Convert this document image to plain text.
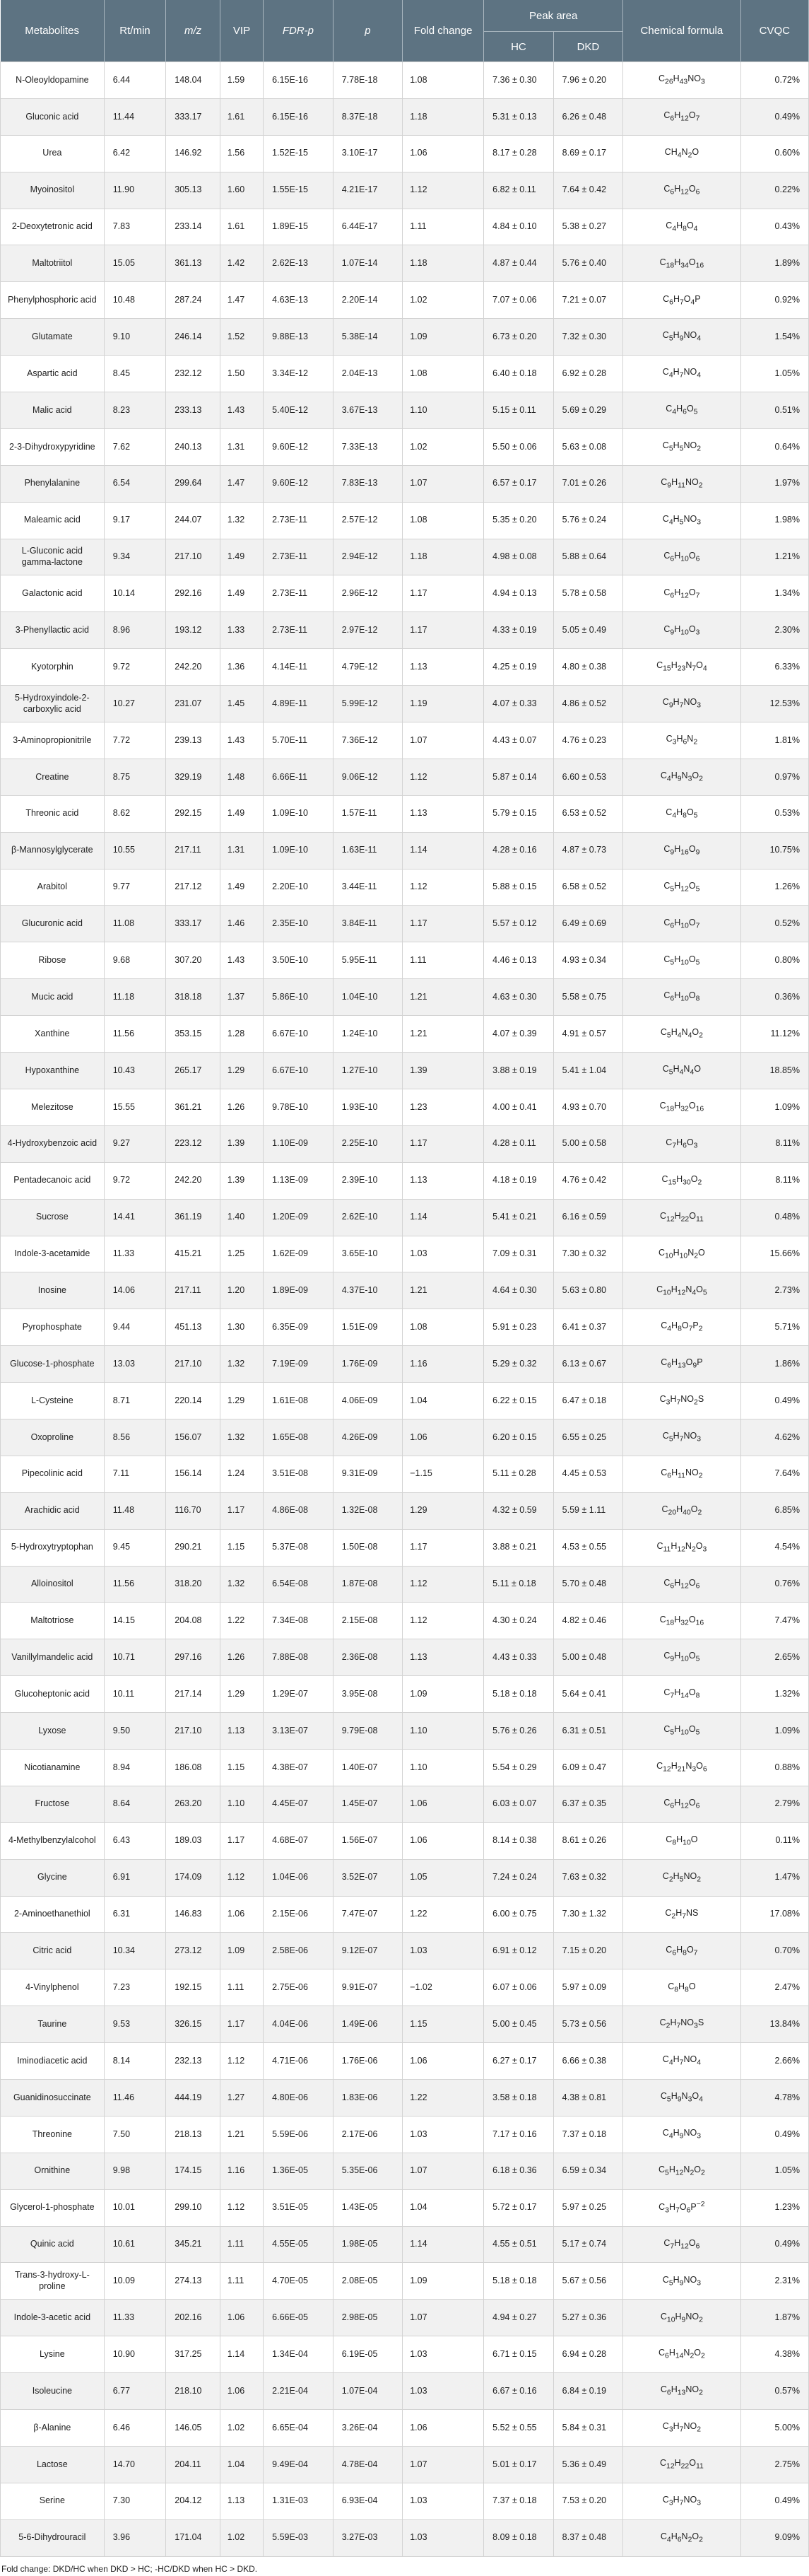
Metabolites	Rt/min	m/z	VIP	FDR-p	p	Fold change	Peak area		Chemical formula	CVQC
							HC	DKD		
N-Oleoyldopamine	6.44	148.04	1.59	6.15E-16	7.78E-18	1.08	7.36 ± 0.30	7.96 ± 0.20	$C_{26}H_{43}NO_3$	0.72%
Gluconic acid	11.44	333.17	1.61	6.15E-16	8.37E-18	1.18	5.31 ± 0.13	6.26 ± 0.48	$C_6H_{12}O_7$	0.49%
Urea	6.42	146.92	1.56	1.52E-15	3.10E-17	1.06	8.17 ± 0.28	8.69 ± 0.17	$CH_4N_2O$	0.60%
Myoinositol	11.90	305.13	1.60	1.55E-15	4.21E-17	1.12	6.82 ± 0.11	7.64 ± 0.42	$C_6H_{12}O_6$	0.22%
2-Deoxytetronic acid	7.83	233.14	1.61	1.89E-15	6.44E-17	1.11	4.84 ± 0.10	5.38 ± 0.27	$C_4H_8O_4$	0.43%
Maltotriitol	15.05	361.13	1.42	2.62E-13	1.07E-14	1.18	4.87 ± 0.44	5.76 ± 0.40	$C_{18}H_{34}O_{16}$	1.89%
Phenylphosphoric acid	10.48	287.24	1.47	4.63E-13	2.20E-14	1.02	7.07 ± 0.06	7.21 ± 0.07	$C_6H_7O_4P$	0.92%
Glutamate	9.10	246.14	1.52	9.88E-13	5.38E-14	1.09	6.73 ± 0.20	7.32 ± 0.30	$C_5H_9NO_4$	1.54%
Aspartic acid	8.45	232.12	1.50	3.34E-12	2.04E-13	1.08	6.40 ± 0.18	6.92 ± 0.28	$C_4H_7NO_4$	1.05%
Malic acid	8.23	233.13	1.43	5.40E-12	3.67E-13	1.10	5.15 ± 0.11	5.69 ± 0.29	$C_4H_6O_5$	0.51%
2-3-Dihydroxypyridine	7.62	240.13	1.31	9.60E-12	7.33E-13	1.02	5.50 ± 0.06	5.63 ± 0.08	$C_5H_5NO_2$	0.64%
Phenylalanine	6.54	299.64	1.47	9.60E-12	7.83E-13	1.07	6.57 ± 0.17	7.01 ± 0.26	$C_9H_{11}NO_2$	1.97%
Maleamic acid	9.17	244.07	1.32	2.73E-11	2.57E-12	1.08	5.35 ± 0.20	5.76 ± 0.24	$C_4H_5NO_3$	1.98%
L-Gluconic acid gamma-lactone	9.34	217.10	1.49	2.73E-11	2.94E-12	1.18	4.98 ± 0.08	5.88 ± 0.64	$C_6H_{10}O_6$	1.21%
Galactonic acid	10.14	292.16	1.49	2.73E-11	2.96E-12	1.17	4.94 ± 0.13	5.78 ± 0.58	$C_6H_{12}O_7$	1.34%
3-Phenyllactic acid	8.96	193.12	1.33	2.73E-11	2.97E-12	1.17	4.33 ± 0.19	5.05 ± 0.49	$C_9H_{10}O_3$	2.30%
Kyotorphin	9.72	242.20	1.36	4.14E-11	4.79E-12	1.13	4.25 ± 0.19	4.80 ± 0.38	$C_{15}H_{23}N_7O_4$	6.33%
5-Hydroxyindole-2-carboxylic acid	10.27	231.07	1.45	4.89E-11	5.99E-12	1.19	4.07 ± 0.33	4.86 ± 0.52	$C_9H_7NO_3$	12.53%
3-Aminopropionitrile	7.72	239.13	1.43	5.70E-11	7.36E-12	1.07	4.43 ± 0.07	4.76 ± 0.23	$C_3H_6N_2$	1.81%
Creatine	8.75	329.19	1.48	6.66E-11	9.06E-12	1.12	5.87 ± 0.14	6.60 ± 0.53	$C_4H_9N_3O_2$	0.97%
Threonic acid	8.62	292.15	1.49	1.09E-10	1.57E-11	1.13	5.79 ± 0.15	6.53 ± 0.52	$C_4H_8O_5$	0.53%
β-Mannosylglycerate	10.55	217.11	1.31	1.09E-10	1.63E-11	1.14	4.28 ± 0.16	4.87 ± 0.73	$C_9H_{16}O_9$	10.75%
Arabitol	9.77	217.12	1.49	2.20E-10	3.44E-11	1.12	5.88 ± 0.15	6.58 ± 0.52	$C_5H_{12}O_5$	1.26%
Glucuronic acid	11.08	333.17	1.46	2.35E-10	3.84E-11	1.17	5.57 ± 0.12	6.49 ± 0.69	$C_6H_{10}O_7$	0.52%
Ribose	9.68	307.20	1.43	3.50E-10	5.95E-11	1.11	4.46 ± 0.13	4.93 ± 0.34	$C_5H_{10}O_5$	0.80%
Mucic acid	11.18	318.18	1.37	5.86E-10	1.04E-10	1.21	4.63 ± 0.30	5.58 ± 0.75	$C_6H_{10}O_8$	0.36%
Xanthine	11.56	353.15	1.28	6.67E-10	1.24E-10	1.21	4.07 ± 0.39	4.91 ± 0.57	$C_5H_4N_4O_2$	11.12%
Hypoxanthine	10.43	265.17	1.29	6.67E-10	1.27E-10	1.39	3.88 ± 0.19	5.41 ± 1.04	$C_5H_4N_4O$	18.85%
Melezitose	15.55	361.21	1.26	9.78E-10	1.93E-10	1.23	4.00 ± 0.41	4.93 ± 0.70	$C_{18}H_{32}O_{16}$	1.09%
4-Hydroxybenzoic acid	9.27	223.12	1.39	1.10E-09	2.25E-10	1.17	4.28 ± 0.11	5.00 ± 0.58	$C_7H_6O_3$	8.11%
Pentadecanoic acid	9.72	242.20	1.39	1.13E-09	2.39E-10	1.13	4.18 ± 0.19	4.76 ± 0.42	$C_{15}H_{30}O_2$	8.11%
Sucrose	14.41	361.19	1.40	1.20E-09	2.62E-10	1.14	5.41 ± 0.21	6.16 ± 0.59	$C_{12}H_{22}O_{11}$	0.48%
Indole-3-acetamide	11.33	415.21	1.25	1.62E-09	3.65E-10	1.03	7.09 ± 0.31	7.30 ± 0.32	$C_{10}H_{10}N_2O$	15.66%
Inosine	14.06	217.11	1.20	1.89E-09	4.37E-10	1.21	4.64 ± 0.30	5.63 ± 0.80	$C_{10}H_{12}N_4O_5$	2.73%
Pyrophosphate	9.44	451.13	1.30	6.35E-09	1.51E-09	1.08	5.91 ± 0.23	6.41 ± 0.37	$C_4H_8O_7P_2$	5.71%
Glucose-1-phosphate	13.03	217.10	1.32	7.19E-09	1.76E-09	1.16	5.29 ± 0.32	6.13 ± 0.67	$C_6H_{13}O_9P$	1.86%
L-Cysteine	8.71	220.14	1.29	1.61E-08	4.06E-09	1.04	6.22 ± 0.15	6.47 ± 0.18	$C_3H_7NO_2S$	0.49%
Oxoproline	8.56	156.07	1.32	1.65E-08	4.26E-09	1.06	6.20 ± 0.15	6.55 ± 0.25	$C_5H_7NO_3$	4.62%
Pipecolinic acid	7.11	156.14	1.24	3.51E-08	9.31E-09	−1.15	5.11 ± 0.28	4.45 ± 0.53	$C_6H_{11}NO_2$	7.64%
Arachidic acid	11.48	116.70	1.17	4.86E-08	1.32E-08	1.29	4.32 ± 0.59	5.59 ± 1.11	$C_{20}H_{40}O_2$	6.85%
5-Hydroxytryptophan	9.45	290.21	1.15	5.37E-08	1.50E-08	1.17	3.88 ± 0.21	4.53 ± 0.55	$C_{11}H_{12}N_2O_3$	4.54%
Alloinositol	11.56	318.20	1.32	6.54E-08	1.87E-08	1.12	5.11 ± 0.18	5.70 ± 0.48	$C_6H_{12}O_6$	0.76%
Maltotriose	14.15	204.08	1.22	7.34E-08	2.15E-08	1.12	4.30 ± 0.24	4.82 ± 0.46	$C_{18}H_{32}O_{16}$	7.47%
Vanillylmandelic acid	10.71	297.16	1.26	7.88E-08	2.36E-08	1.13	4.43 ± 0.33	5.00 ± 0.48	$C_9H_{10}O_5$	2.65%
Glucoheptonic acid	10.11	217.14	1.29	1.29E-07	3.95E-08	1.09	5.18 ± 0.18	5.64 ± 0.41	$C_7H_{14}O_8$	1.32%
Lyxose	9.50	217.10	1.13	3.13E-07	9.79E-08	1.10	5.76 ± 0.26	6.31 ± 0.51	$C_5H_{10}O_5$	1.09%
Nicotianamine	8.94	186.08	1.15	4.38E-07	1.40E-07	1.10	5.54 ± 0.29	6.09 ± 0.47	$C_{12}H_{21}N_3O_6$	0.88%
Fructose	8.64	263.20	1.10	4.45E-07	1.45E-07	1.06	6.03 ± 0.07	6.37 ± 0.35	$C_6H_{12}O_6$	2.79%
4-Methylbenzylalcohol	6.43	189.03	1.17	4.68E-07	1.56E-07	1.06	8.14 ± 0.38	8.61 ± 0.26	$C_8H_{10}O$	0.11%
Glycine	6.91	174.09	1.12	1.04E-06	3.52E-07	1.05	7.24 ± 0.24	7.63 ± 0.32	$C_2H_5NO_2$	1.47%
2-Aminoethanethiol	6.31	146.83	1.06	2.15E-06	7.47E-07	1.22	6.00 ± 0.75	7.30 ± 1.32	$C_2H_7NS$	17.08%
Citric acid	10.34	273.12	1.09	2.58E-06	9.12E-07	1.03	6.91 ± 0.12	7.15 ± 0.20	$C_6H_8O_7$	0.70%
4-Vinylphenol	7.23	192.15	1.11	2.75E-06	9.91E-07	−1.02	6.07 ± 0.06	5.97 ± 0.09	$C_8H_8O$	2.47%
Taurine	9.53	326.15	1.17	4.04E-06	1.49E-06	1.15	5.00 ± 0.45	5.73 ± 0.56	$C_2H_7NO_3S$	13.84%
Iminodiacetic acid	8.14	232.13	1.12	4.71E-06	1.76E-06	1.06	6.27 ± 0.17	6.66 ± 0.38	$C_4H_7NO_4$	2.66%
Guanidinosuccinate	11.46	444.19	1.27	4.80E-06	1.83E-06	1.22	3.58 ± 0.18	4.38 ± 0.81	$C_5H_9N_3O_4$	4.78%
Threonine	7.50	218.13	1.21	5.59E-06	2.17E-06	1.03	7.17 ± 0.16	7.37 ± 0.18	$C_4H_9NO_3$	0.49%
Ornithine	9.98	174.15	1.16	1.36E-05	5.35E-06	1.07	6.18 ± 0.36	6.59 ± 0.34	$C_5H_{12}N_2O_2$	1.05%
Glycerol-1-phosphate	10.01	299.10	1.12	3.51E-05	1.43E-05	1.04	5.72 ± 0.17	5.97 ± 0.25	$C_3H_7O_6P^{-2}$	1.23%
Quinic acid	10.61	345.21	1.11	4.55E-05	1.98E-05	1.14	4.55 ± 0.51	5.17 ± 0.74	$C_7H_{12}O_6$	0.49%
Trans-3-hydroxy-L-proline	10.09	274.13	1.11	4.70E-05	2.08E-05	1.09	5.18 ± 0.18	5.67 ± 0.56	$C_5H_9NO_3$	2.31%
Indole-3-acetic acid	11.33	202.16	1.06	6.66E-05	2.98E-05	1.07	4.94 ± 0.27	5.27 ± 0.36	$C_{10}H_9NO_2$	1.87%
Lysine	10.90	317.25	1.14	1.34E-04	6.19E-05	1.03	6.71 ± 0.15	6.94 ± 0.28	$C_6H_{14}N_2O_2$	4.38%
Isoleucine	6.77	218.10	1.06	2.21E-04	1.07E-04	1.03	6.67 ± 0.16	6.84 ± 0.19	$C_6H_{13}NO_2$	0.57%
β-Alanine	6.46	146.05	1.02	6.65E-04	3.26E-04	1.06	5.52 ± 0.55	5.84 ± 0.31	$C_3H_7NO_2$	5.00%
Lactose	14.70	204.11	1.04	9.49E-04	4.78E-04	1.07	5.01 ± 0.17	5.36 ± 0.49	$C_{12}H_{22}O_{11}$	2.75%
Serine	7.30	204.12	1.13	1.31E-03	6.93E-04	1.03	7.37 ± 0.18	7.53 ± 0.20	$C_3H_7NO_3$	0.49%
5-6-Dihydrouracil	3.96	171.04	1.02	5.59E-03	3.27E-03	1.03	8.09 ± 0.18	8.37 ± 0.48	$C_4H_6N_2O_2$	9.09%
Fold change: DKD/HC when DKD > HC; -HC/DKD when HC > DKD.
